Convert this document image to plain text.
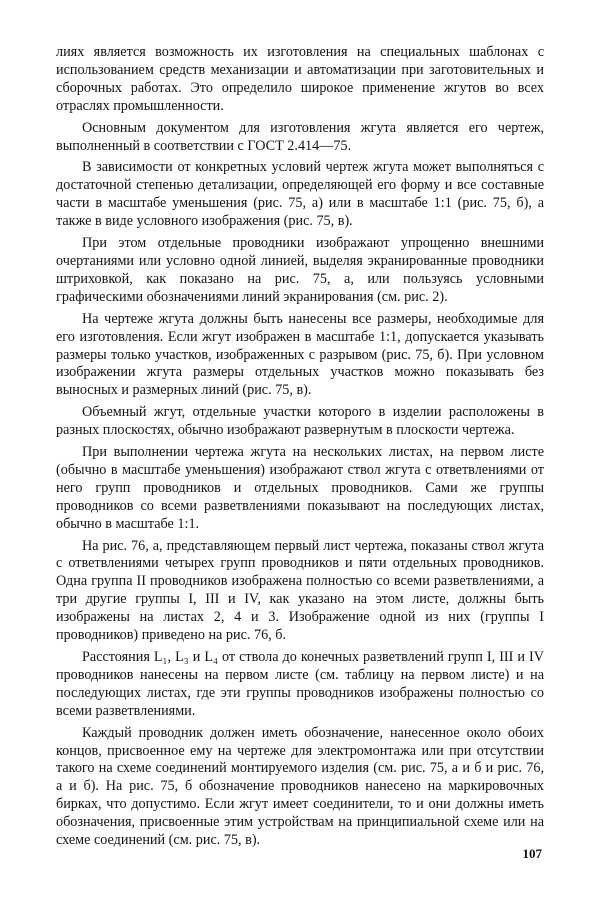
лиях является возможность их изготовления на специальных шаблонах с использованием средств механизации и автоматизации при заготовительных и сборочных работах. Это определило широкое применение жгутов во всех отраслях промышленности.

Основным документом для изготовления жгута является его чертеж, выполненный в соответствии с ГОСТ 2.414—75.

В зависимости от конкретных условий чертеж жгута может выполняться с достаточной степенью детализации, определяющей его форму и все составные части в масштабе уменьшения (рис. 75, а) или в масштабе 1:1 (рис. 75, б), а также в виде условного изображения (рис. 75, в).

При этом отдельные проводники изображают упрощенно внешними очертаниями или условно одной линией, выделяя экранированные проводники штриховкой, как показано на рис. 75, а, или пользуясь условными графическими обозначениями линий экранирования (см. рис. 2).

На чертеже жгута должны быть нанесены все размеры, необходимые для его изготовления. Если жгут изображен в масштабе 1:1, допускается указывать размеры только участков, изображенных с разрывом (рис. 75, б). При условном изображении жгута размеры отдельных участков можно показывать без выносных и размерных линий (рис. 75, в).

Объемный жгут, отдельные участки которого в изделии расположены в разных плоскостях, обычно изображают развернутым в плоскости чертежа.

При выполнении чертежа жгута на нескольких листах, на первом листе (обычно в масштабе уменьшения) изображают ствол жгута с ответвлениями от него групп проводников и отдельных проводников. Сами же группы проводников со всеми разветвлениями показывают на последующих листах, обычно в масштабе 1:1.

На рис. 76, а, представляющем первый лист чертежа, показаны ствол жгута с ответвлениями четырех групп проводников и пяти отдельных проводников. Одна группа II проводников изображена полностью со всеми разветвлениями, а три другие группы I, III и IV, как указано на этом листе, должны быть изображены на листах 2, 4 и 3. Изображение одной из них (группы I проводников) приведено на рис. 76, б.

Расстояния L₁, L₃ и L₄ от ствола до конечных разветвлений групп I, III и IV проводников нанесены на первом листе (см. таблицу на первом листе) и на последующих листах, где эти группы проводников изображены полностью со всеми разветвлениями.

Каждый проводник должен иметь обозначение, нанесенное около обоих концов, присвоенное ему на чертеже для электромонтажа или при отсутствии такого на схеме соединений монтируемого изделия (см. рис. 75, а и б и рис. 76, а и б). На рис. 75, б обозначение проводников нанесено на маркировочных бирках, что допустимо. Если жгут имеет соединители, то и они должны иметь обозначения, присвоенные этим устройствам на принципиальной схеме или на схеме соединений (см. рис. 75, в).

107
